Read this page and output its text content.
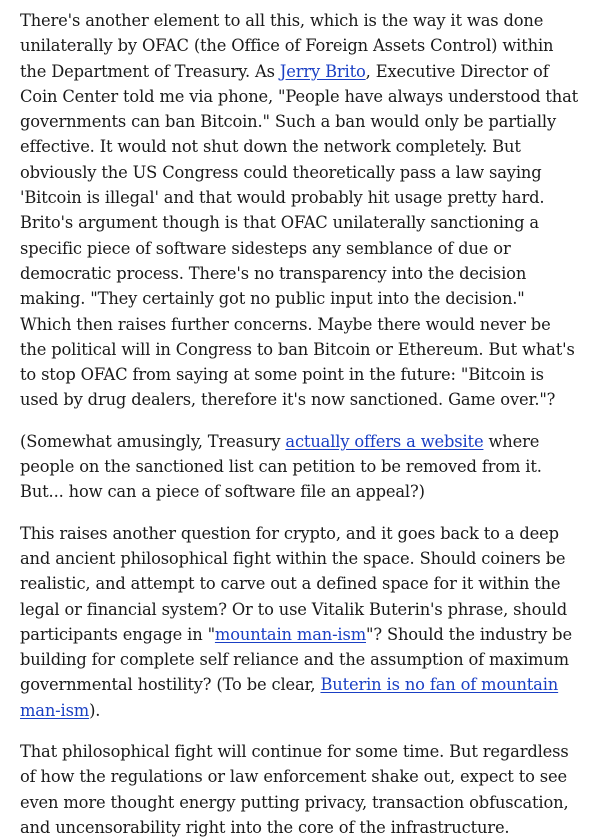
There's another element to all this, which is the way it was done unilaterally by OFAC (the Office of Foreign Assets Control) within the Department of Treasury. As Jerry Brito, Executive Director of Coin Center told me via phone, "People have always understood that governments can ban Bitcoin." Such a ban would only be partially effective. It would not shut down the network completely. But obviously the US Congress could theoretically pass a law saying 'Bitcoin is illegal' and that would probably hit usage pretty hard. Brito's argument though is that OFAC unilaterally sanctioning a specific piece of software sidesteps any semblance of due or democratic process. There's no transparency into the decision making. "They certainly got no public input into the decision." Which then raises further concerns. Maybe there would never be the political will in Congress to ban Bitcoin or Ethereum. But what's to stop OFAC from saying at some point in the future: "Bitcoin is used by drug dealers, therefore it's now sanctioned. Game over."?

(Somewhat amusingly, Treasury actually offers a website where people on the sanctioned list can petition to be removed from it. But... how can a piece of software file an appeal?)

This raises another question for crypto, and it goes back to a deep and ancient philosophical fight within the space. Should coiners be realistic, and attempt to carve out a defined space for it within the legal or financial system? Or to use Vitalik Buterin's phrase, should participants engage in "mountain man-ism"? Should the industry be building for complete self reliance and the assumption of maximum governmental hostility? (To be clear, Buterin is no fan of mountain man-ism).

That philosophical fight will continue for some time. But regardless of how the regulations or law enforcement shake out, expect to see even more thought energy putting privacy, transaction obfuscation, and uncensorability right into the core of the infrastructure.
